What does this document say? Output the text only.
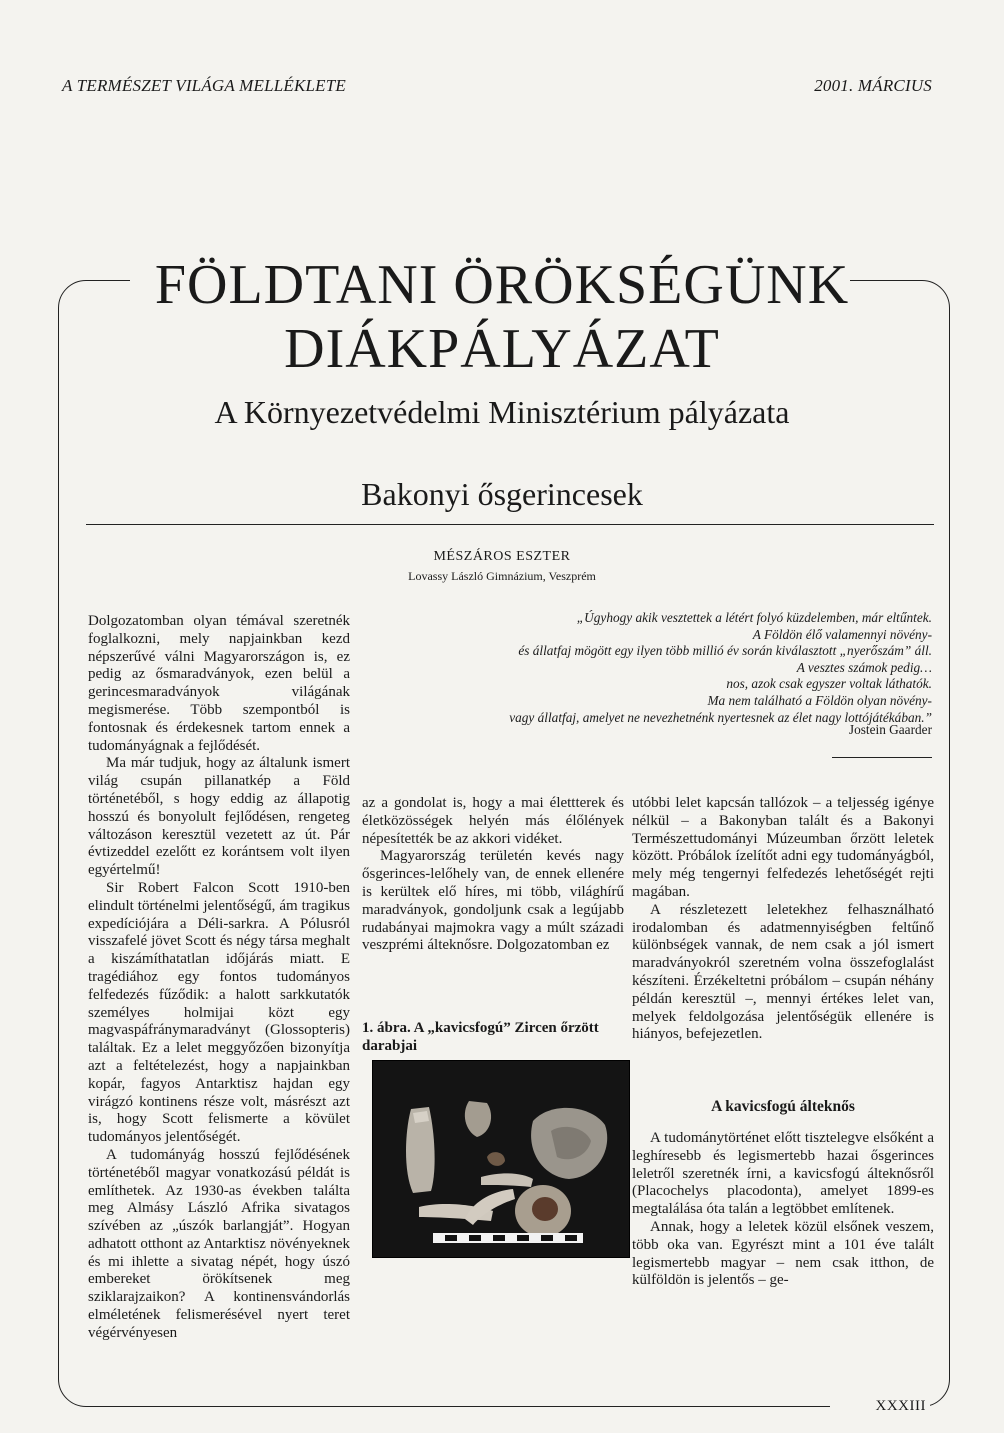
A TERMÉSZET VILÁGA MELLÉKLETE	2001. MÁRCIUS
FÖLDTANI ÖRÖKSÉGÜNK
DIÁKPÁLYÁZAT
A Környezetvédelmi Minisztérium pályázata
Bakonyi ősgerincesek
MÉSZÁROS ESZTER
Lovassy László Gimnázium, Veszprém
„Úgyhogy akik vesztettek a létért folyó küzdelemben, már eltűntek.
A Földön élő valamennyi növény-
és állatfaj mögött egy ilyen több millió év során kiválasztott „nyerőszám” áll.
A vesztes számok pedig…
nos, azok csak egyszer voltak láthatók.
Ma nem található a Földön olyan növény-
vagy állatfaj, amelyet ne nevezhetnénk nyertesnek az élet nagy lottójátékában.”
Jostein Gaarder

Dolgozatomban olyan témával szeretnék foglalkozni, mely napjainkban kezd népszerűvé válni Magyarországon is, ez pedig az ősmaradványok, ezen belül a gerincesmaradványok világának megismerése. Több szempontból is fontosnak és érdekesnek tartom ennek a tudományágnak a fejlődését.

Ma már tudjuk, hogy az általunk ismert világ csupán pillanatkép a Föld történetéből, s hogy eddig az állapotig hosszú és bonyolult fejlődésen, rengeteg változáson keresztül vezetett az út. Pár évtizeddel ezelőtt ez korántsem volt ilyen egyértelmű!

Sir Robert Falcon Scott 1910-ben elindult történelmi jelentőségű, ám tragikus expedíciójára a Déli-sarkra. A Pólusról visszafelé jövet Scott és négy társa meghalt a kiszámíthatatlan időjárás miatt. E tragédiához egy fontos tudományos felfedezés fűződik: a halott sarkkutatók személyes holmijai közt egy magvaspáfránymaradványt (Glossopteris) találtak. Ez a lelet meggyőzően bizonyítja azt a feltételezést, hogy a napjainkban kopár, fagyos Antarktisz hajdan egy virágzó kontinens része volt, másrészt azt is, hogy Scott felismerte a kövület tudományos jelentőségét.

A tudományág hosszú fejlődésének történetéből magyar vonatkozású példát is említhetek. Az 1930-as években találta meg Almásy László Afrika sivatagos szívében az „úszók barlangját”. Hogyan adhatott otthont az Antarktisz növényeknek és mi ihlette a sivatag népét, hogy úszó embereket örökítsenek meg sziklarajzaikon? A kontinensvándorlás elméletének felismerésével nyert teret végérvényesen

az a gondolat is, hogy a mai élettterek és életközösségek helyén más élőlények népesítették be az akkori vidéket.

Magyarország területén kevés nagy ősgerinces-lelőhely van, de ennek ellenére is kerültek elő híres, mi több, világhírű maradványok, gondoljunk csak a legújabb rudabányai majmokra vagy a múlt századi veszprémi álteknősre. Dolgozatomban ez

1. ábra. A „kavicsfogú” Zircen őrzött darabjai

utóbbi lelet kapcsán tallózok – a teljesség igénye nélkül – a Bakonyban talált és a Bakonyi Természettudományi Múzeumban őrzött leletek között. Próbálok ízelítőt adni egy tudományágból, mely még tengernyi felfedezés lehetőségét rejti magában.

A részletezett leletekhez felhasználható irodalomban és adatmennyiségben feltűnő különbségek vannak, de nem csak a jól ismert maradványokról szeretném volna összefoglalást készíteni. Érzékeltetni próbálom – csupán néhány példán keresztül –, mennyi értékes lelet van, melyek feldolgozása jelentőségük ellenére is hiányos, befejezetlen.

A kavicsfogú álteknős

A tudománytörténet előtt tisztelegve elsőként a leghíresebb és legismertebb hazai ősgerinces leletről szeretnék írni, a kavicsfogú álteknősről (Placochelys placodonta), amelyet 1899-es megtalálása óta talán a legtöbbet említenek.

Annak, hogy a leletek közül elsőnek veszem, több oka van. Egyrészt mint a 101 éve talált legismertebb magyar – nem csak itthon, de külföldön is jelentős – ge-

XXXIII
